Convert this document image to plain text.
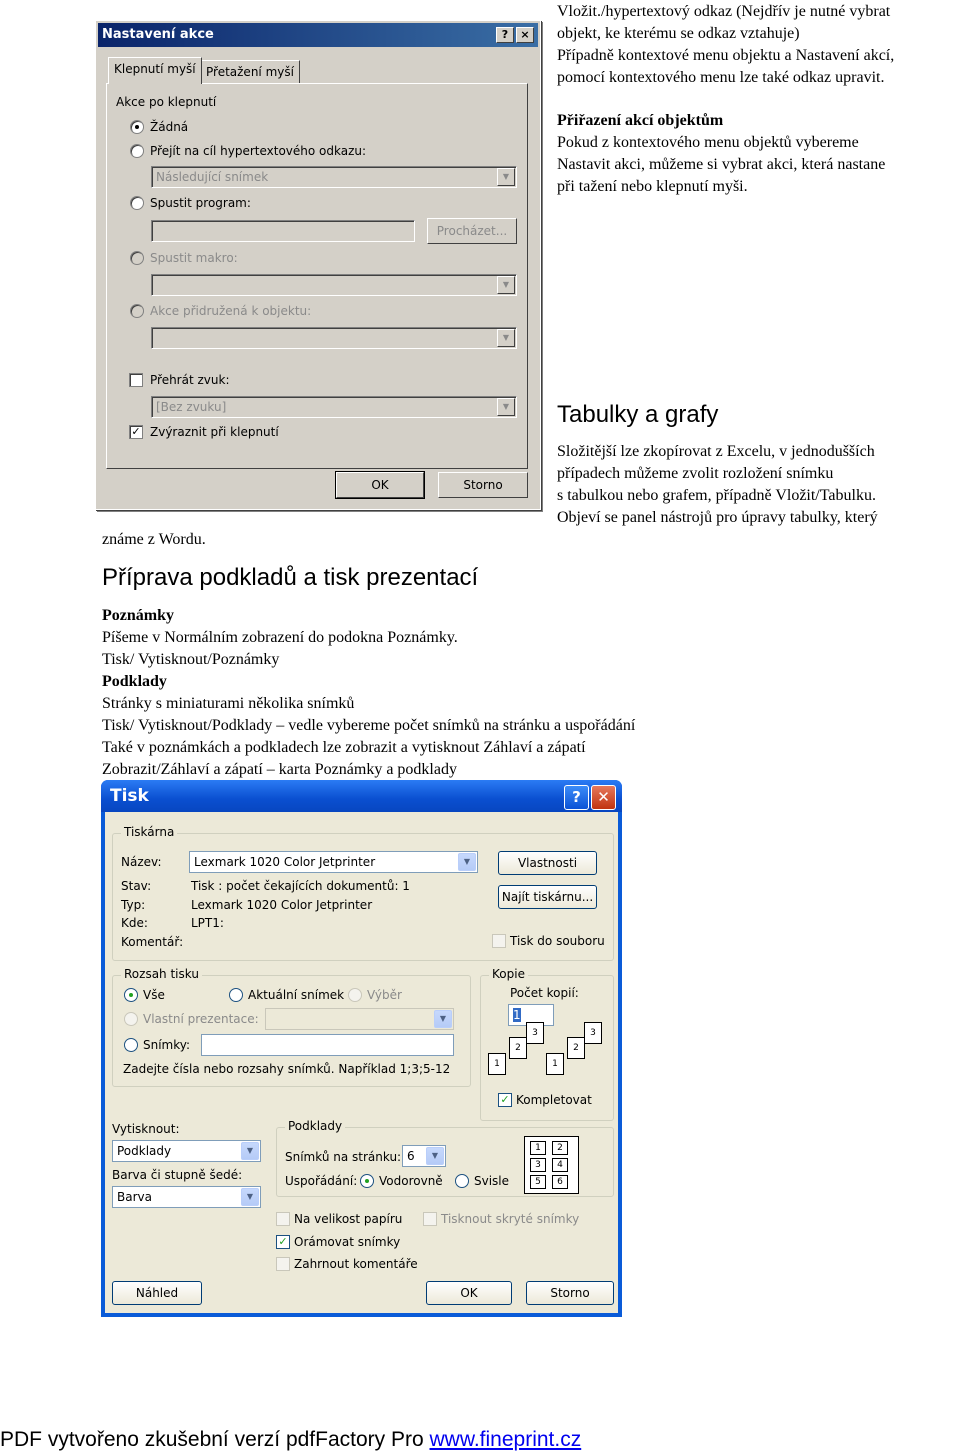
Vložit./hypertextový odkaz (Nejdřív je nutné vybrat
objekt, ke kterému se odkaz vztahuje)
Případně kontextové menu objektu a Nastavení akcí,
pomocí kontextového menu lze také odkaz upravit.
Přiřazení akcí objektům
Pokud z kontextového menu objektů vybereme
Nastavit akci, můžeme si vybrat akci, která nastane
při tažení nebo klepnutí myši.
Tabulky a grafy
Složitější lze zkopírovat z Excelu, v jednodušších
případech můžeme zvolit rozložení snímku
s tabulkou nebo grafem, případně Vložit/Tabulku.
Objeví se panel nástrojů pro úpravy tabulky, který
známe z Wordu.
Příprava podkladů a tisk prezentací
Poznámky
Píšeme v Normálním zobrazení do podokna Poznámky.
Tisk/ Vytisknout/Poznámky
Podklady
Stránky s miniaturami několika snímků
Tisk/ Vytisknout/Podklady – vedle vybereme počet snímků na stránku a uspořádání
Také v poznámkách a podkladech lze zobrazit a vytisknout Záhlaví a zápatí
Zobrazit/Záhlaví a zápatí – karta Poznámky a podklady
Nastavení akce	?	×
Klepnutí myší Přetažení myší
Akce po klepnutí
Žádná
Přejít na cíl hypertextového odkazu:
Následující snímek	▼
Spustit program:
Procházet...
Spustit makro:
▼
Akce přidružená k objektu:
▼
Přehrát zvuk:
[Bez zvuku]	▼
✓ Zvýraznit při klepnutí
OK	Storno
Tisk	?	✕
Tiskárna
Název:	Lexmark 1020 Color Jetprinter	▼	Vlastnosti
Stav:	Tisk : počet čekajících dokumentů: 1
Typ:	Lexmark 1020 Color Jetprinter
Najít tiskárnu...
Kde:	LPT1:
Komentář:	Tisk do souboru
Rozsah tisku
Vše	Aktuální snímek Výběr
Vlastní prezentace:	▼
Snímky:
Zadejte čísla nebo rozsahy snímků. Například 1;3;5-12
Kopie
Počet kopií:
1
1
2
3
1
2
3
✓ Kompletovat
Vytisknout:
Podklady	▼
Barva či stupně šedé:
Barva	▼
Podklady
Snímků na stránku: 6	▼
Uspořádání: Vodorovně	Svisle
1	2
3	4
5	6
Na velikost papíru	Tisknout skryté snímky
✓ Orámovat snímky
Zahrnout komentáře
Náhled	OK	Storno
PDF vytvořeno zkušební verzí pdfFactory Pro www.fineprint.cz
